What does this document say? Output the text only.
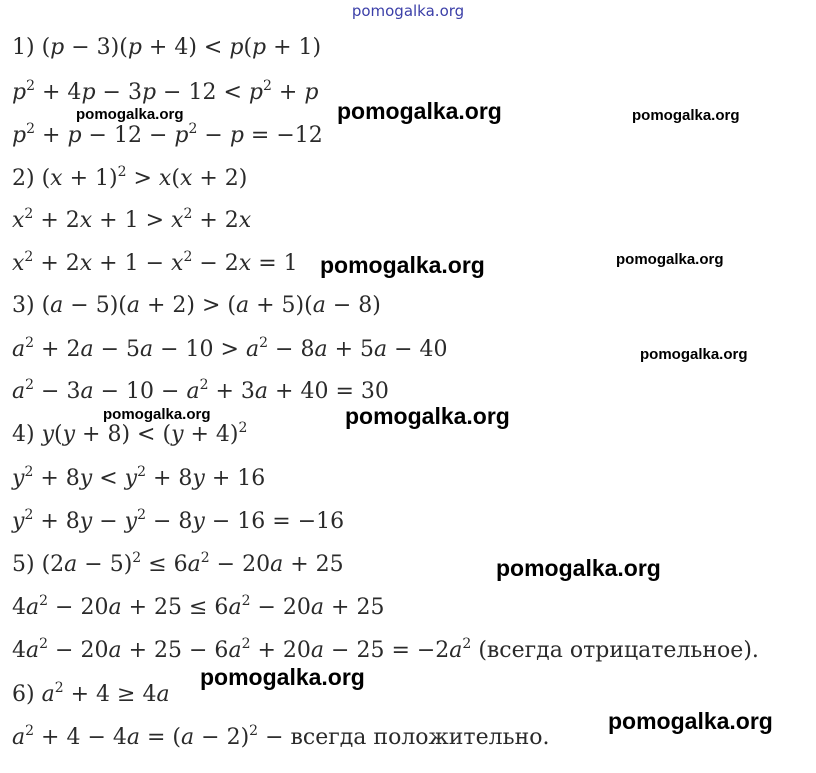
pomogalka.org
1) (p − 3)(p + 4) < p(p + 1)
$p^2 + 4p - 3p - 12 < p^2 + p$
$p^2 + p - 12 - p^2 - p = -12$
2) $(x + 1)^2 > x(x + 2)$
$x^2 + 2x + 1 > x^2 + 2x$
$x^2 + 2x + 1 - x^2 - 2x = 1$
3) (a − 5)(a + 2) > (a + 5)(a − 8)
$a^2 + 2a - 5a - 10 > a^2 - 8a + 5a - 40$
$a^2 - 3a - 10 - a^2 + 3a + 40 = 30$
4) $y(y + 8) < (y + 4)^2$
$y^2 + 8y < y^2 + 8y + 16$
$y^2 + 8y - y^2 - 8y - 16 = -16$
5) $(2a - 5)^2 \le 6a^2 - 20a + 25$
$4a^2 - 20a + 25 \le 6a^2 - 20a + 25$
$4a^2 - 20a + 25 - 6a^2 + 20a - 25 = -2a^2$ (всегда отрицательное).
6) $a^2 + 4 \ge 4a$
$a^2 + 4 - 4a = (a - 2)^2$ − всегда положительно.
pomogalka.org	pomogalka.org	pomogalka.org
pomogalka.org	pomogalka.org
pomogalka.org
pomogalka.org	pomogalka.org
pomogalka.org
pomogalka.org
pomogalka.org
